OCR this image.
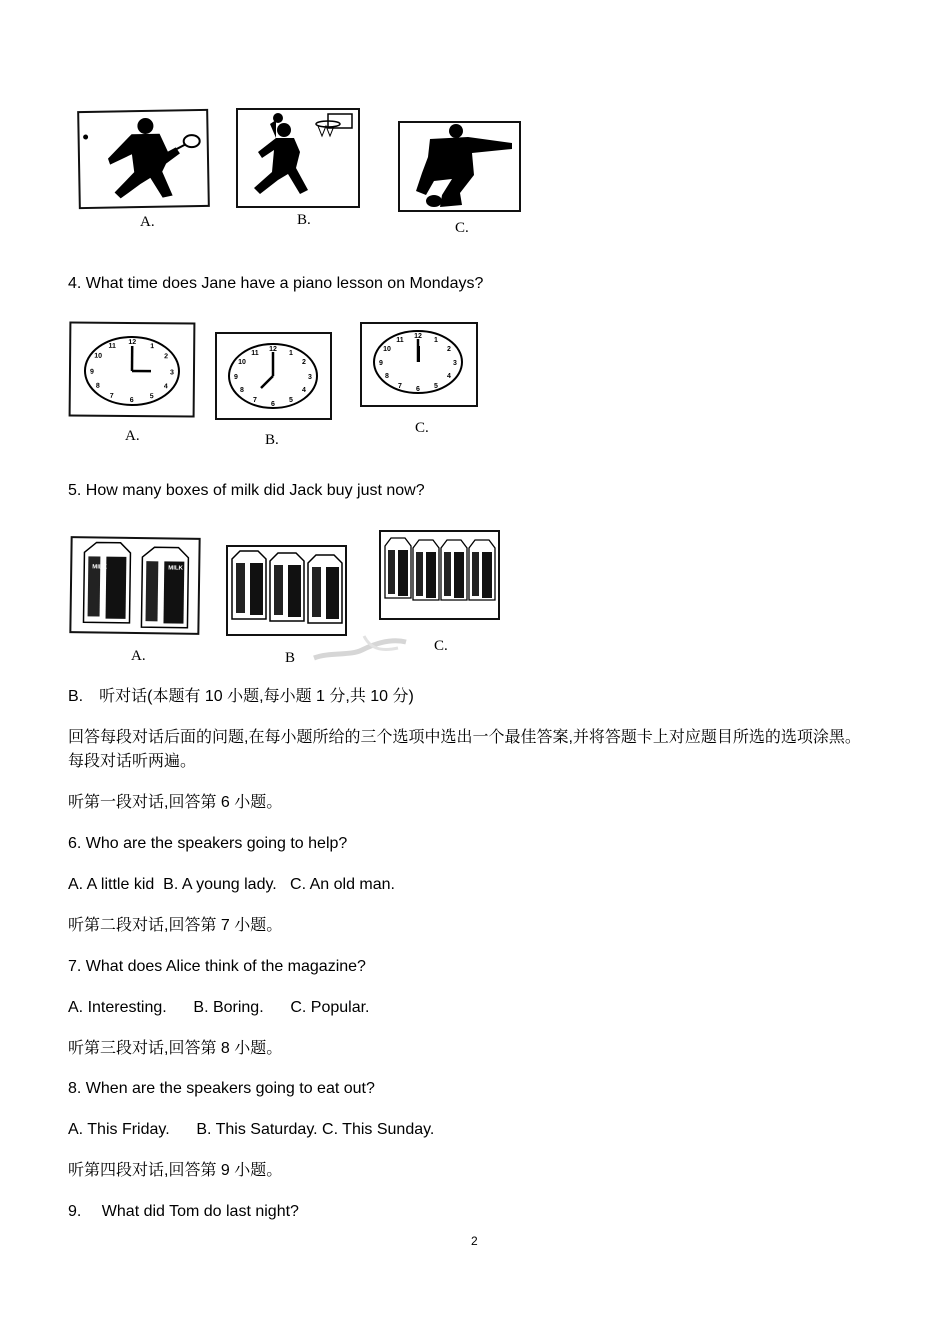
A.	B.	C.
4. What time does Jane have a piano lesson on Mondays?
12
1
2
3
4
5
6
7
8
9
10
11
A.
12
1
2
3
4
5
6
7
8
9
10
11
B.
12
1
2
3
4
5
6
7
8
9
10
11
C.
5. How many boxes of milk did Jack buy just now?
MILK	MILK
A.	B
C.
B.　听对话(本题有 10 小题,每小题 1 分,共 10 分)
回答每段对话后面的问题,在每小题所给的三个选项中选出一个最佳答案,并将答题卡上对应题目所选的选项涂黑。
每段对话听两遍。
听第一段对话,回答第 6 小题。
6. Who are the speakers going to help?
A. A little kid  B. A young lady.   C. An old man.
听第二段对话,回答第 7 小题。
7. What does Alice think of the magazine?
A. Interesting.      B. Boring.      C. Popular.
听第三段对话,回答第 8 小题。
8. When are the speakers going to eat out?
A. This Friday.      B. This Saturday. C. This Sunday.
听第四段对话,回答第 9 小题。
9.　 What did Tom do last night?
2
